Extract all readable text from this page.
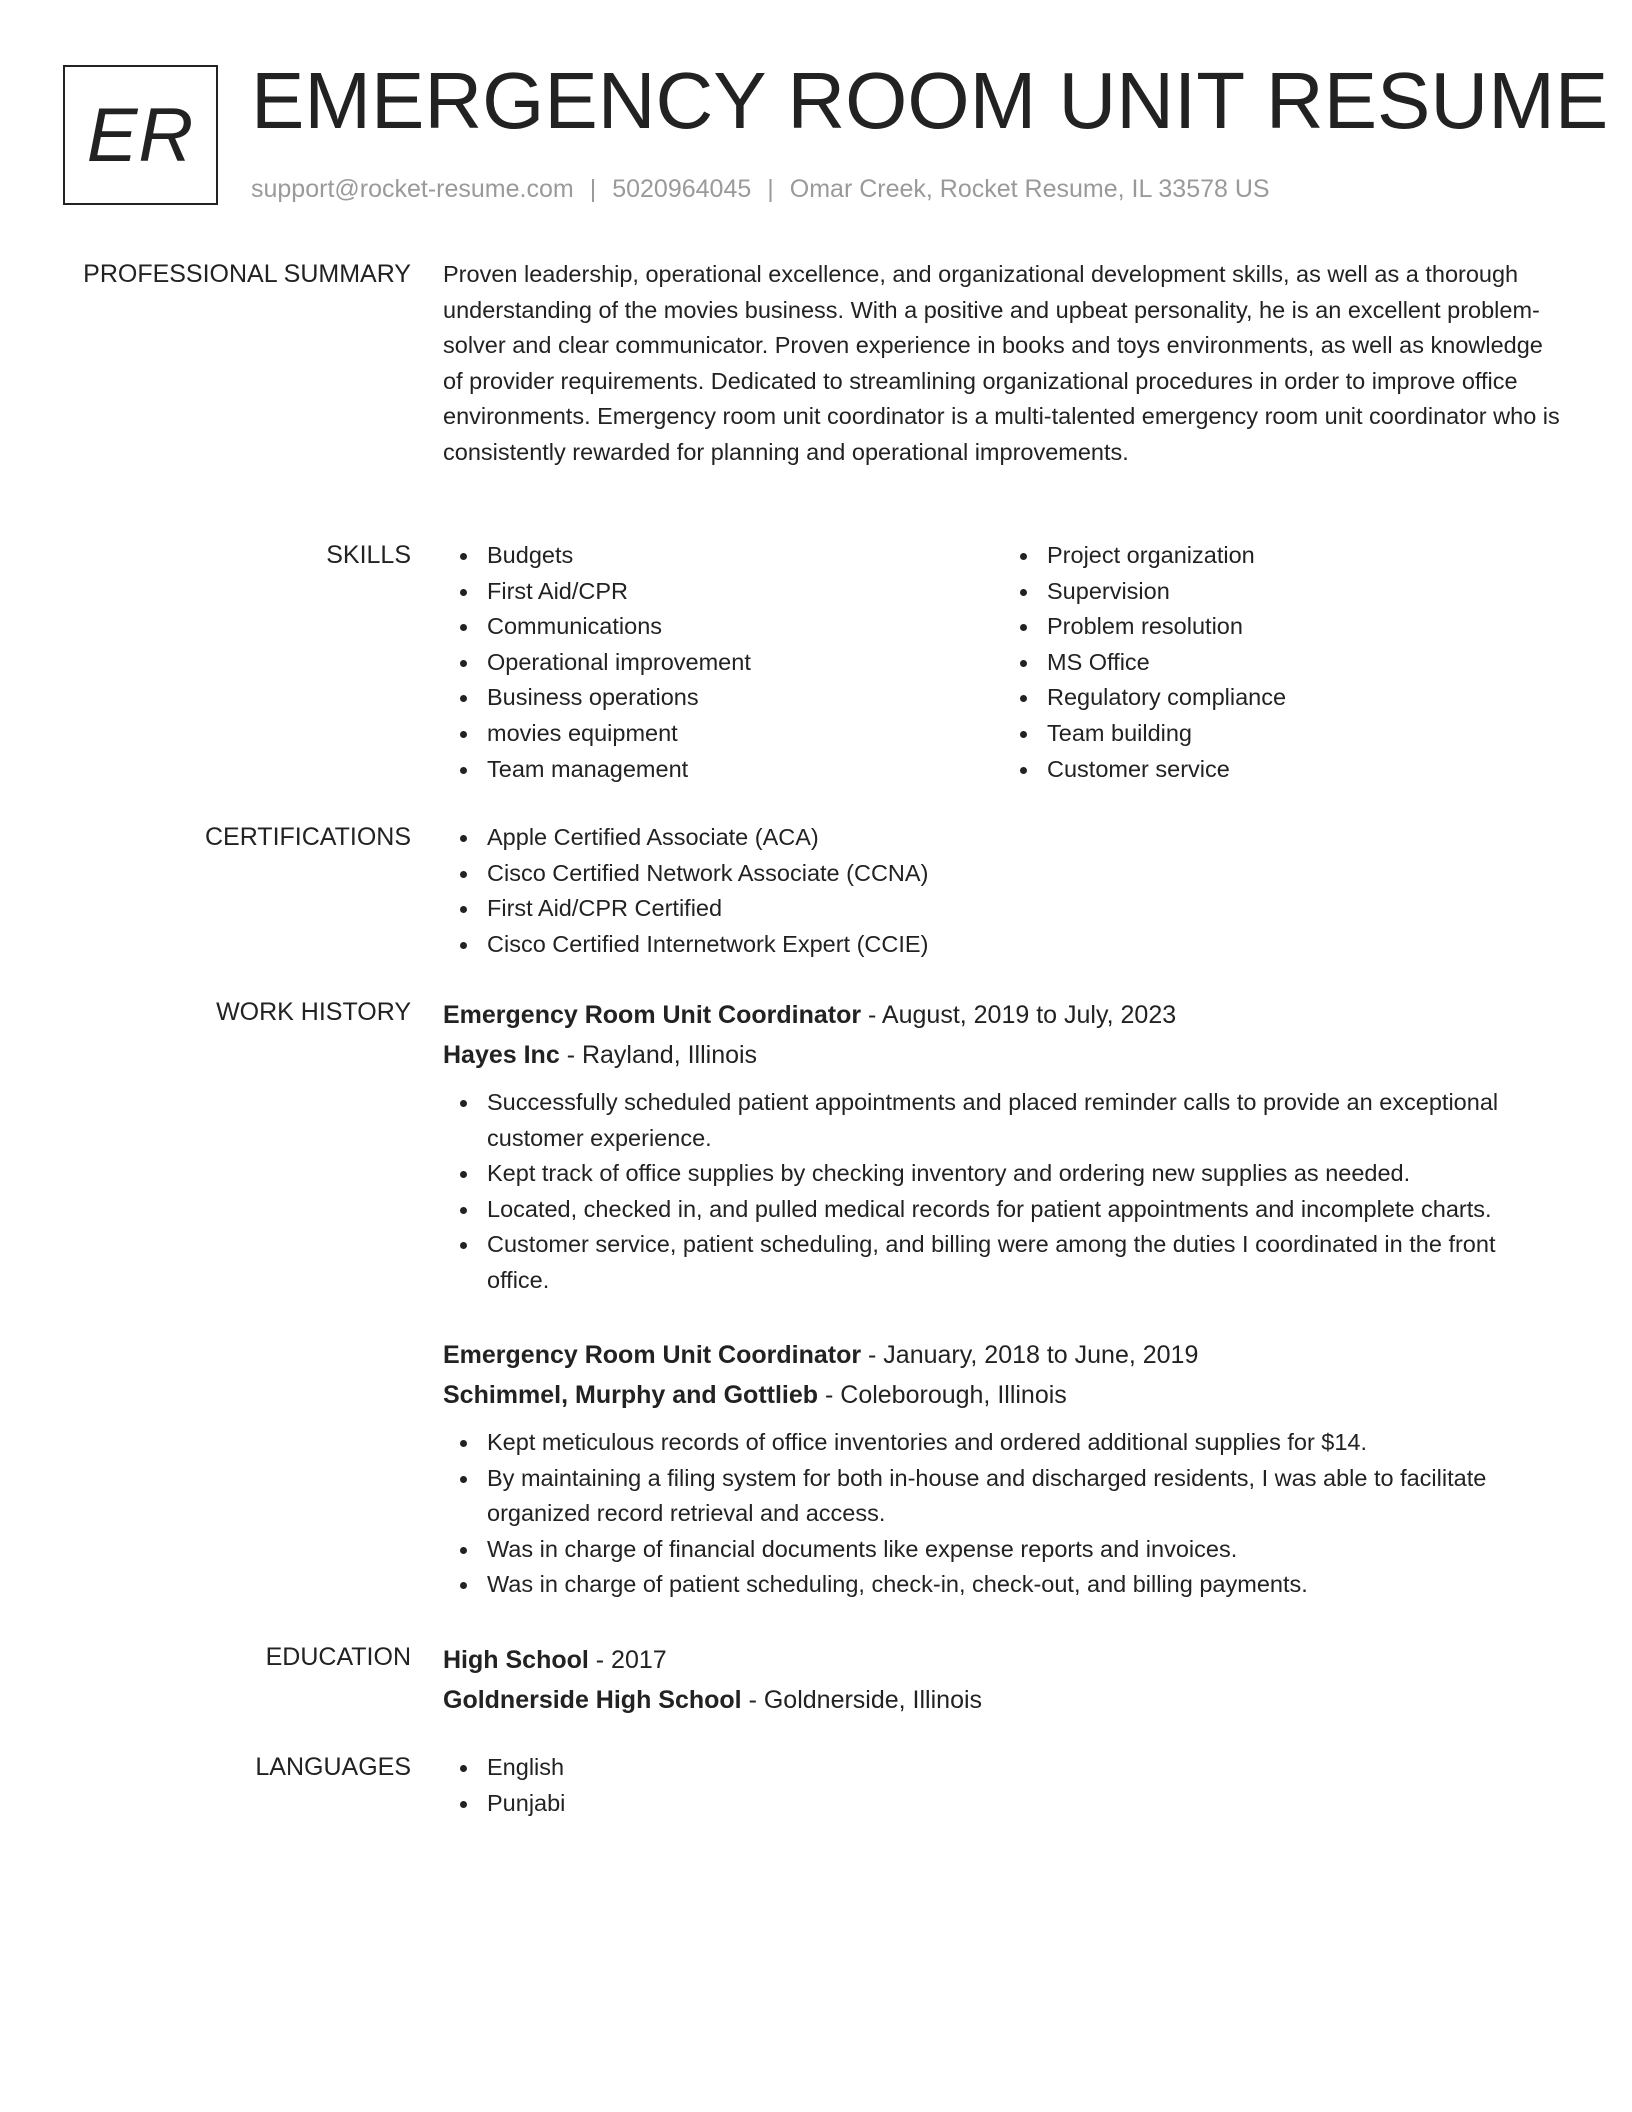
ER EMERGENCY ROOM UNIT RESUME
support@rocket-resume.com | 5020964045 | Omar Creek, Rocket Resume, IL 33578 US
PROFESSIONAL SUMMARY Proven leadership, operational excellence, and organizational development skills, as well as a thorough understanding of the movies business. With a positive and upbeat personality, he is an excellent problem-solver and clear communicator. Proven experience in books and toys environments, as well as knowledge of provider requirements. Dedicated to streamlining organizational procedures in order to improve office environments. Emergency room unit coordinator is a multi-talented emergency room unit coordinator who is consistently rewarded for planning and operational improvements.

SKILLS	Budgets
First Aid/CPR
Communications
Operational improvement
Business operations
movies equipment
Team management
Project organization
Supervision
Problem resolution
MS Office
Regulatory compliance
Team building
Customer service
CERTIFICATIONS	Apple Certified Associate (ACA)
Cisco Certified Network Associate (CCNA)
First Aid/CPR Certified
Cisco Certified Internetwork Expert (CCIE)
WORK HISTORY Emergency Room Unit Coordinator - August, 2019 to July, 2023
Hayes Inc - Rayland, Illinois
Successfully scheduled patient appointments and placed reminder calls to provide an exceptional customer experience.
Kept track of office supplies by checking inventory and ordering new supplies as needed.
Located, checked in, and pulled medical records for patient appointments and incomplete charts.
Customer service, patient scheduling, and billing were among the duties I coordinated in the front office.
Emergency Room Unit Coordinator - January, 2018 to June, 2019
Schimmel, Murphy and Gottlieb - Coleborough, Illinois
Kept meticulous records of office inventories and ordered additional supplies for $14.
By maintaining a filing system for both in-house and discharged residents, I was able to facilitate organized record retrieval and access.
Was in charge of financial documents like expense reports and invoices.
Was in charge of patient scheduling, check-in, check-out, and billing payments.
EDUCATION High School - 2017
Goldnerside High School - Goldnerside, Illinois
LANGUAGES	English
Punjabi
